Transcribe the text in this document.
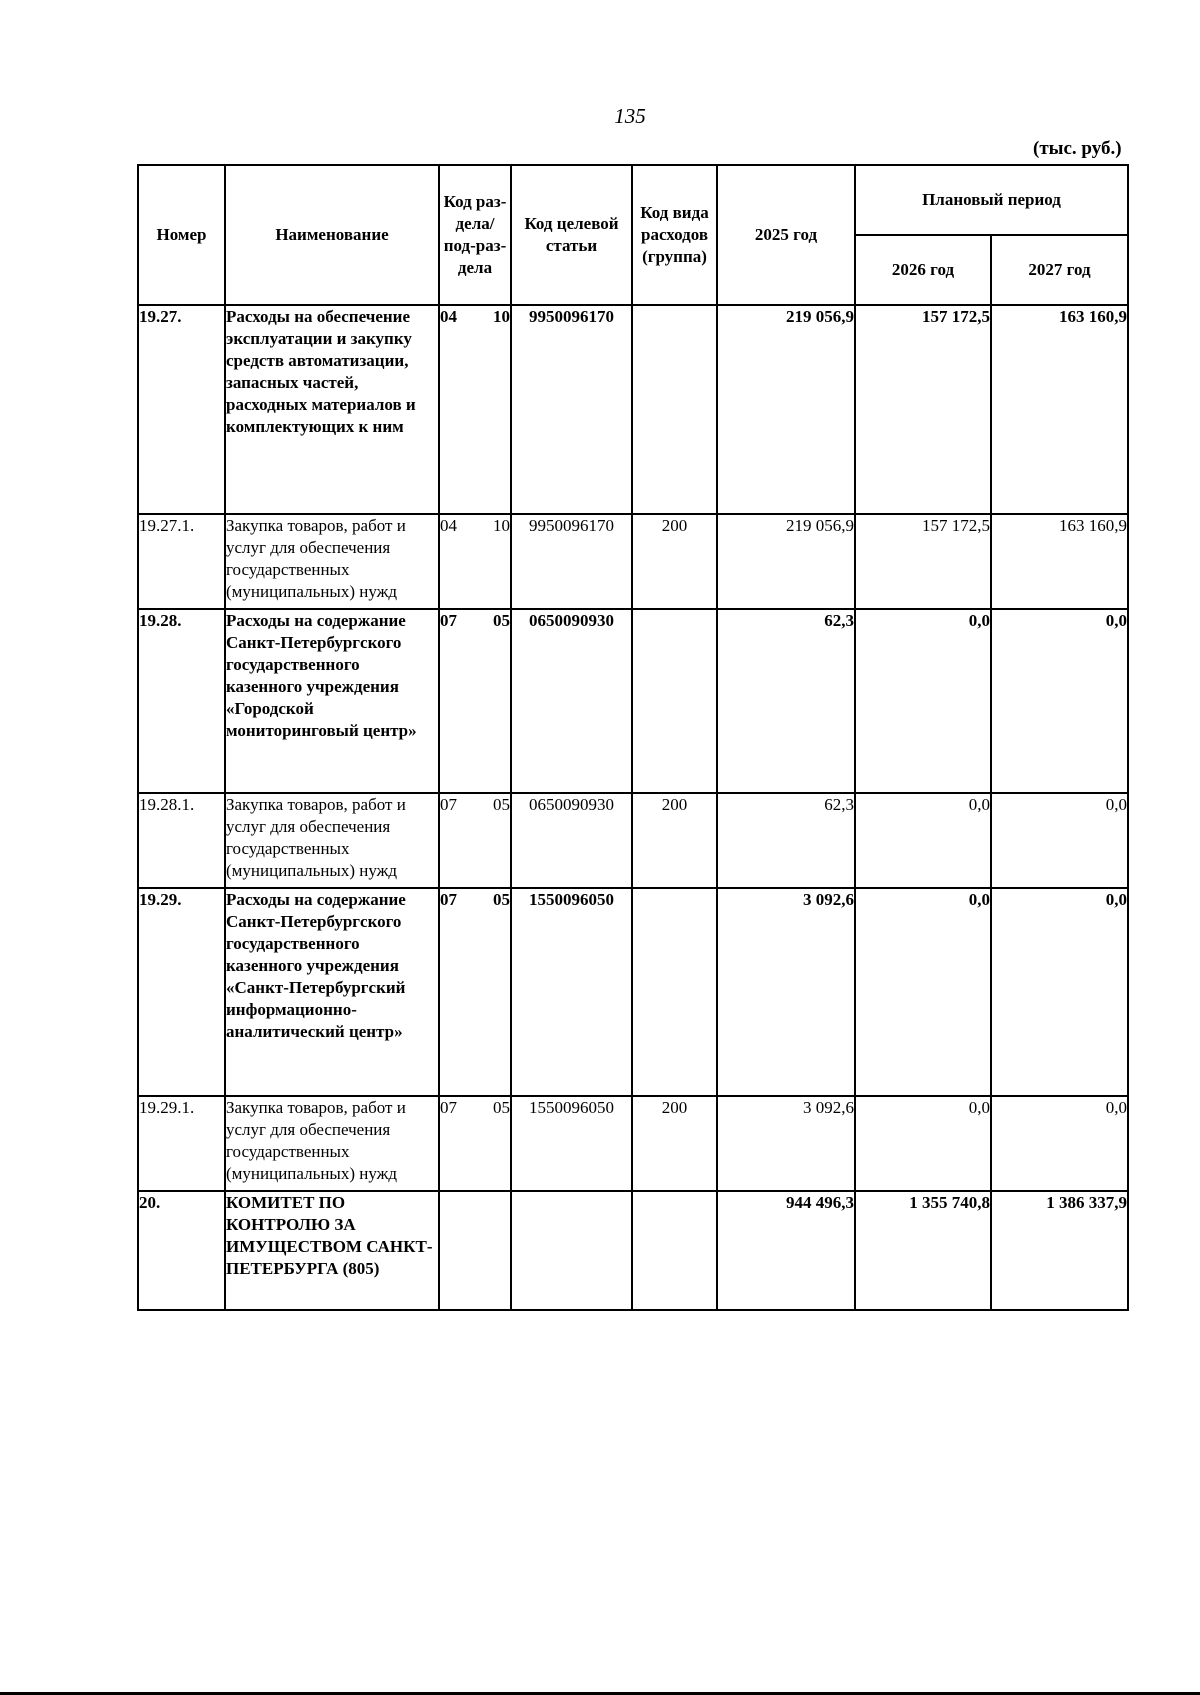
135
(тыс. руб.)
Номер	Наименование	Код раз-дела/ под-раз-дела	Код целевой статьи	Код вида расходов (группа)	2025 год	Плановый период	
						2026 год	2027 год
19.27.	Расходы на обеспечение эксплуатации и закупку средств автоматизации, запасных частей, расходных материалов и комплектующих к ним	04 10	9950096170		219 056,9	157 172,5	163 160,9
19.27.1.	Закупка товаров, работ и услуг для обеспечения государственных (муниципальных) нужд	04 10	9950096170	200	219 056,9	157 172,5	163 160,9
19.28.	Расходы на содержание Санкт-Петербургского государственного казенного учреждения «Городской мониторинговый центр»	07 05	0650090930		62,3	0,0	0,0
19.28.1.	Закупка товаров, работ и услуг для обеспечения государственных (муниципальных) нужд	07 05	0650090930	200	62,3	0,0	0,0
19.29.	Расходы на содержание Санкт-Петербургского государственного казенного учреждения «Санкт-Петербургский информационно-аналитический центр»	07 05	1550096050		3 092,6	0,0	0,0
19.29.1.	Закупка товаров, работ и услуг для обеспечения государственных (муниципальных) нужд	07 05	1550096050	200	3 092,6	0,0	0,0
20.	КОМИТЕТ ПО КОНТРОЛЮ ЗА ИМУЩЕСТВОМ САНКТ-ПЕТЕРБУРГА (805)				944 496,3	1 355 740,8	1 386 337,9
